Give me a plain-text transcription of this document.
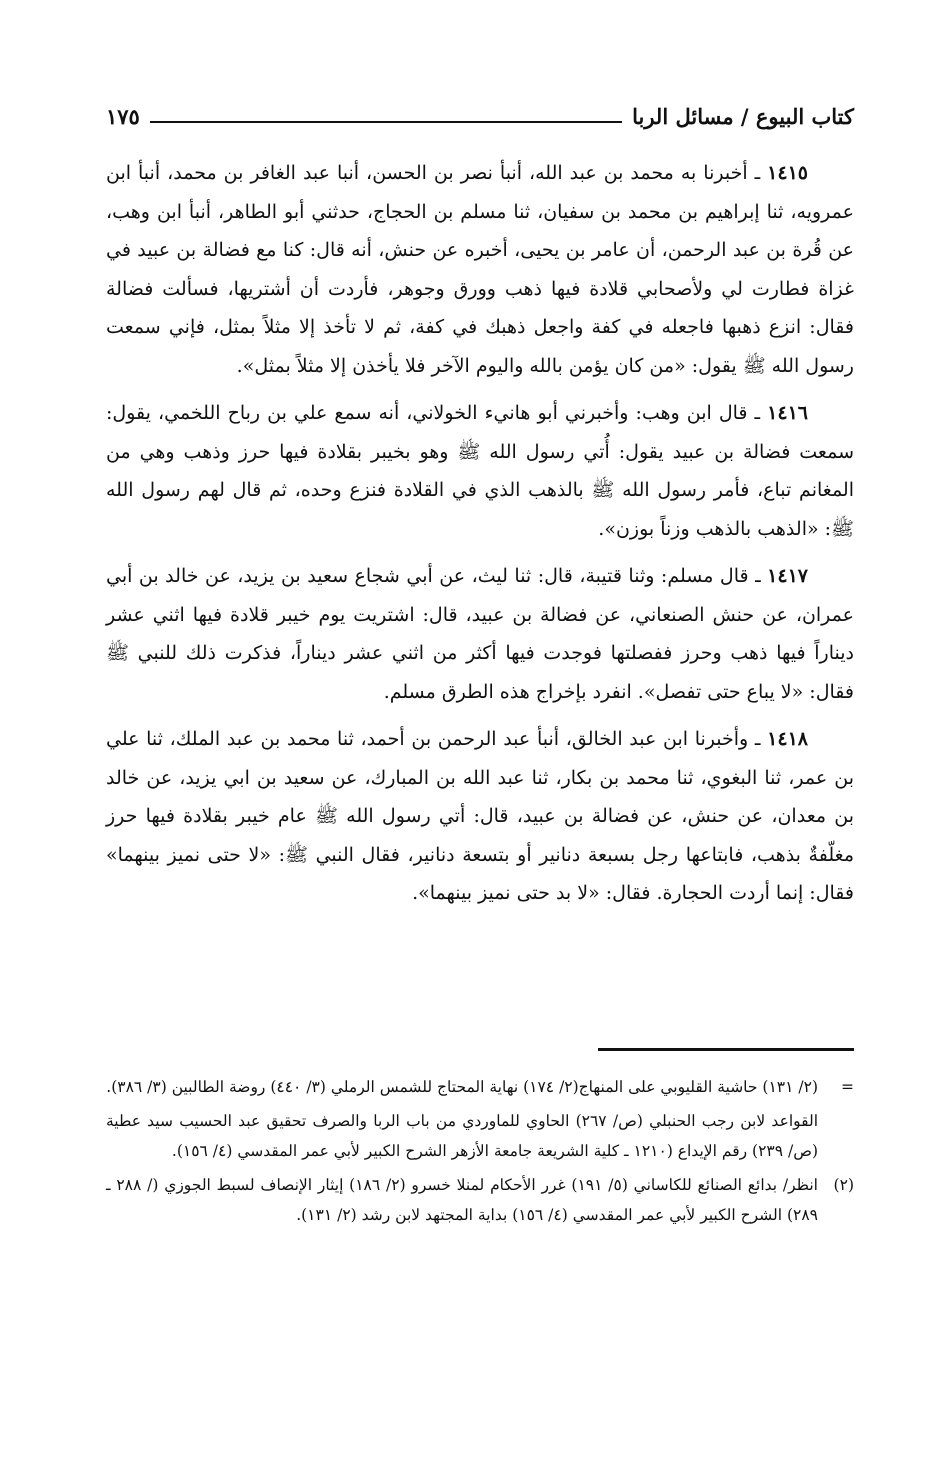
كتاب البيوع / مسائل الربا
١٧٥

١٤١٥ ـ أخبرنا به محمد بن عبد الله، أنبأ نصر بن الحسن، أنبا عبد الغافر بن محمد، أنبأ ابن عمرويه، ثنا إبراهيم بن محمد بن سفيان، ثنا مسلم بن الحجاج، حدثني أبو الطاهر، أنبأ ابن وهب، عن قُرة بن عبد الرحمن، أن عامر بن يحيى، أخبره عن حنش، أنه قال: كنا مع فضالة بن عبيد في غزاة فطارت لي ولأصحابي قلادة فيها ذهب وورق وجوهر، فأردت أن أشتريها، فسألت فضالة فقال: انزع ذهبها فاجعله في كفة واجعل ذهبك في كفة، ثم لا تأخذ إلا مثلاً بمثل، فإني سمعت رسول الله ﷺ يقول: «من كان يؤمن بالله واليوم الآخر فلا يأخذن إلا مثلاً بمثل».

١٤١٦ ـ قال ابن وهب: وأخبرني أبو هانيء الخولاني، أنه سمع علي بن رباح اللخمي، يقول: سمعت فضالة بن عبيد يقول: أُتي رسول الله ﷺ وهو بخيبر بقلادة فيها حرز وذهب وهي من المغانم تباع، فأمر رسول الله ﷺ بالذهب الذي في القلادة فنزع وحده، ثم قال لهم رسول الله ﷺ: «الذهب بالذهب وزناً بوزن».

١٤١٧ ـ قال مسلم: وثنا قتيبة، قال: ثنا ليث، عن أبي شجاع سعيد بن يزيد، عن خالد بن أبي عمران، عن حنش الصنعاني، عن فضالة بن عبيد، قال: اشتريت يوم خيبر قلادة فيها اثني عشر ديناراً فيها ذهب وحرز ففصلتها فوجدت فيها أكثر من اثني عشر ديناراً، فذكرت ذلك للنبي ﷺ فقال: «لا يباع حتى تفصل». انفرد بإخراج هذه الطرق مسلم.

١٤١٨ ـ وأخبرنا ابن عبد الخالق، أنبأ عبد الرحمن بن أحمد، ثنا محمد بن عبد الملك، ثنا علي بن عمر، ثنا البغوي، ثنا محمد بن بكار، ثنا عبد الله بن المبارك، عن سعيد بن ابي يزيد، عن خالد بن معدان، عن حنش، عن فضالة بن عبيد، قال: أتي رسول الله ﷺ عام خيبر بقلادة فيها حرز مغلّفةٌ بذهب، فابتاعها رجل بسبعة دنانير أو بتسعة دنانير، فقال النبي ﷺ: «لا حتى نميز بينهما» فقال: إنما أردت الحجارة. فقال: «لا بد حتى نميز بينهما».

=
(٢/ ١٣١) حاشية القليوبي على المنهاج(٢/ ١٧٤) نهاية المحتاج للشمس الرملي (٣/ ٤٤٠) روضة الطالبين (٣/ ٣٨٦).
القواعد لابن رجب الحنبلي (ص/ ٢٦٧) الحاوي للماوردي من باب الربا والصرف تحقيق عبد الحسيب سيد عطية (ص/ ٢٣٩) رقم الإيداع (١٢١٠ ـ كلية الشريعة جامعة الأزهر الشرح الكبير لأبي عمر المقدسي (٤/ ١٥٦).
(٢)
انظر/ بدائع الصنائع للكاساني (٥/ ١٩١) غرر الأحكام لمنلا خسرو (٢/ ١٨٦) إيثار الإنصاف لسبط الجوزي (/ ٢٨٨ ـ ٢٨٩) الشرح الكبير لأبي عمر المقدسي (٤/ ١٥٦) بداية المجتهد لابن رشد (٢/ ١٣١).
